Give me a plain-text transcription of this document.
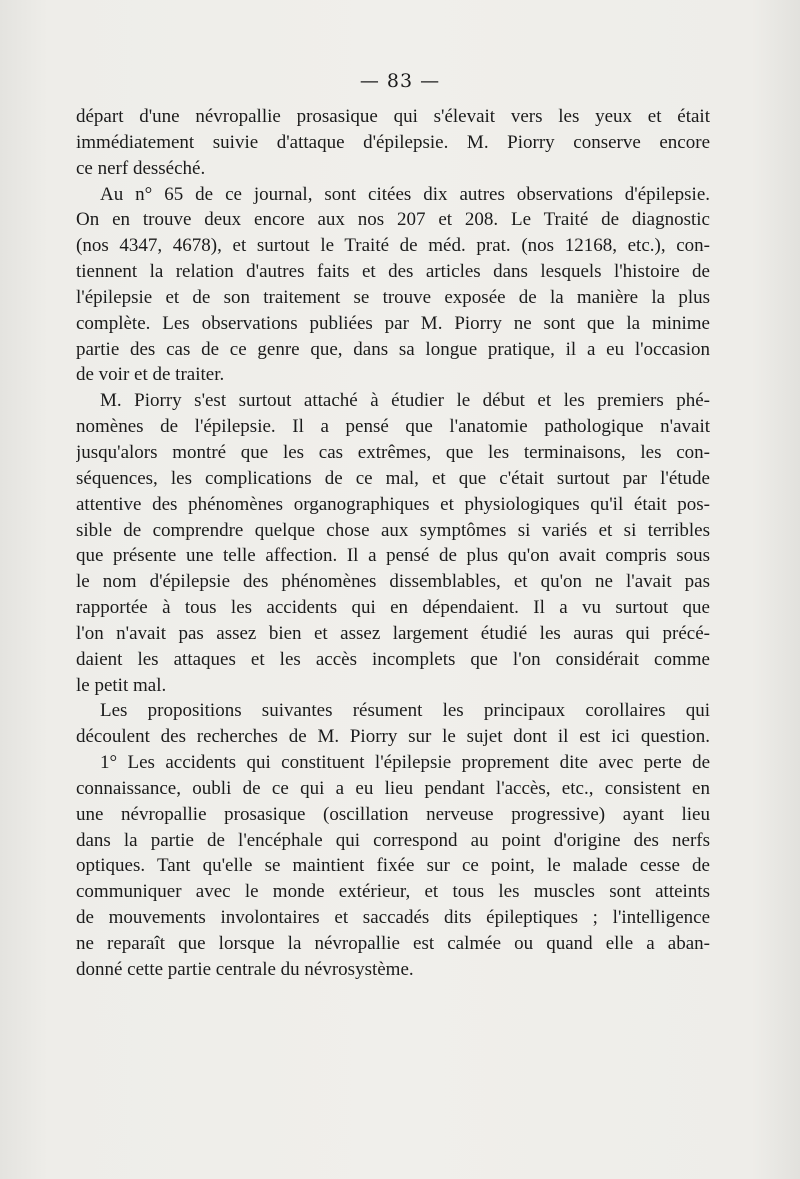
— 83 —
départ d'une névropallie prosasique qui s'élevait vers les yeux et était
immédiatement suivie d'attaque d'épilepsie. M. Piorry conserve encore
ce nerf desséché.
Au n° 65 de ce journal, sont citées dix autres observations d'épilepsie.
On en trouve deux encore aux nos 207 et 208. Le Traité de diagnostic
(nos 4347, 4678), et surtout le Traité de méd. prat. (nos 12168, etc.), con-
tiennent la relation d'autres faits et des articles dans lesquels l'histoire de
l'épilepsie et de son traitement se trouve exposée de la manière la plus
complète. Les observations publiées par M. Piorry ne sont que la minime
partie des cas de ce genre que, dans sa longue pratique, il a eu l'occasion
de voir et de traiter.
M. Piorry s'est surtout attaché à étudier le début et les premiers phé-
nomènes de l'épilepsie. Il a pensé que l'anatomie pathologique n'avait
jusqu'alors montré que les cas extrêmes, que les terminaisons, les con-
séquences, les complications de ce mal, et que c'était surtout par l'étude
attentive des phénomènes organographiques et physiologiques qu'il était pos-
sible de comprendre quelque chose aux symptômes si variés et si terribles
que présente une telle affection. Il a pensé de plus qu'on avait compris sous
le nom d'épilepsie des phénomènes dissemblables, et qu'on ne l'avait pas
rapportée à tous les accidents qui en dépendaient. Il a vu surtout que
l'on n'avait pas assez bien et assez largement étudié les auras qui précé-
daient les attaques et les accès incomplets que l'on considérait comme
le petit mal.
Les propositions suivantes résument les principaux corollaires qui
découlent des recherches de M. Piorry sur le sujet dont il est ici question.
1° Les accidents qui constituent l'épilepsie proprement dite avec perte de
connaissance, oubli de ce qui a eu lieu pendant l'accès, etc., consistent en
une névropallie prosasique (oscillation nerveuse progressive) ayant lieu
dans la partie de l'encéphale qui correspond au point d'origine des nerfs
optiques. Tant qu'elle se maintient fixée sur ce point, le malade cesse de
communiquer avec le monde extérieur, et tous les muscles sont atteints
de mouvements involontaires et saccadés dits épileptiques ; l'intelligence
ne reparaît que lorsque la névropallie est calmée ou quand elle a aban-
donné cette partie centrale du névrosystème.
